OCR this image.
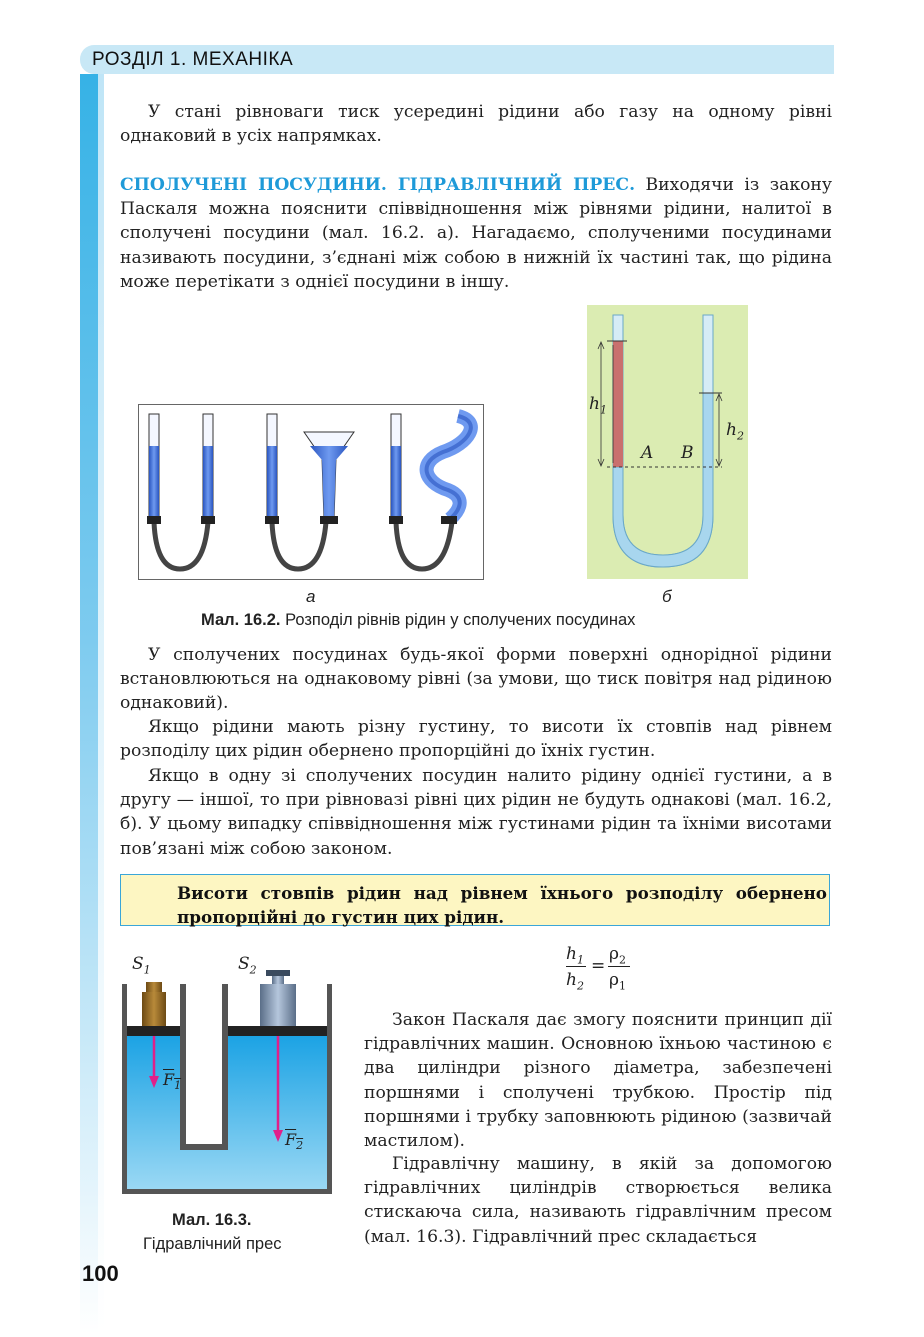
РОЗДІЛ 1. МЕХАНІКА

У стані рівноваги тиск усередині рідини або газу на одному рівні однаковий в усіх напрямках.

СПОЛУЧЕНІ ПОСУДИНИ. ГІДРАВЛІЧНИЙ ПРЕС. Виходячи із закону Паскаля можна пояснити співвідношення між рівнями рідини, налитої в сполучені посудини (мал. 16.2. а). Нагадаємо, сполученими посудинами називають посудини, з’єднані між собою в нижній їх частині так, що рідина може перетікати з однієї посудини в іншу.

а
$h_1$
$h_2$
A B
б
Мал. 16.2. Розподіл рівнів рідин у сполучених посудинах

У сполучених посудинах будь-якої форми поверхні однорідної рідини встановлюються на однаковому рівні (за умови, що тиск повітря над рідиною однаковий).

Якщо рідини мають різну густину, то висоти їх стовпів над рівнем розподілу цих рідин обернено пропорційні до їхніх густин.

Якщо в одну зі сполучених посудин налито рідину однієї густини, а в другу — іншої, то при рівновазі рівні цих рідин не будуть однакові (мал. 16.2, б). У цьому випадку співвідношення між густинами рідин та їхніми висотами пов’язані між собою законом.

Висоти стовпів рідин над рівнем їхнього розподілу обернено пропорційні до густин цих рідин.

$h_1$
$h_2$
=
$\rho_2$
$\rho_1$

Закон Паскаля дає змогу пояснити принцип дії гідравлічних машин. Основною їхньою частиною є два циліндри різного діаметра, забезпечені поршнями і сполучені трубкою. Простір під поршнями і трубку заповнюють рідиною (зазвичай мастилом).

Гідравлічну машину, в якій за допомогою гідравлічних циліндрів створюється велика стискаюча сила, називають гідравлічним пресом (мал. 16.3). Гідравлічний прес складається

$S_1$	$S_2$
$F_1$
$F_2$
Мал. 16.3.
Гідравлічний прес
100
